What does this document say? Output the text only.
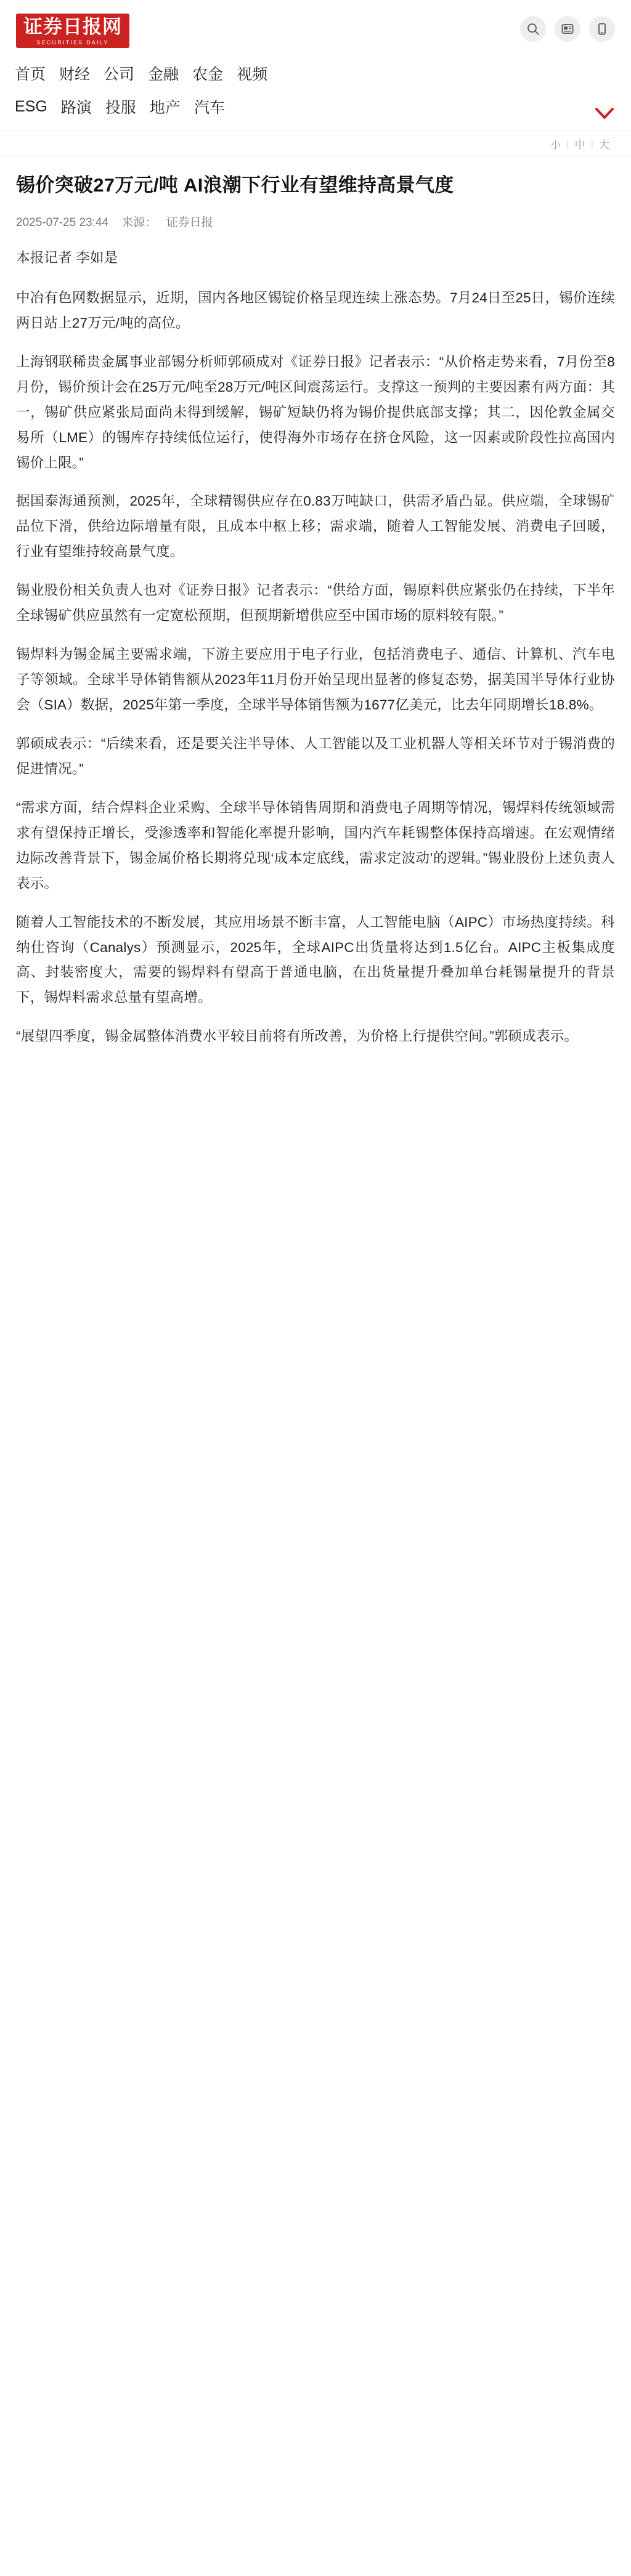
证券日报网
SECURITIES DAILY
首页 财经 公司 金融 农金 视频
ESG 路演 投服 地产 汽车
小 | 中 | 大
锡价突破27万元/吨 AI浪潮下行业有望维持高景气度
2025-07-25 23:44 来源： 证券日报

本报记者 李如是

中冶有色网数据显示，近期，国内各地区锡锭价格呈现连续上涨态势。7月24日至25日，锡价连续两日站上27万元/吨的高位。

上海钢联稀贵金属事业部锡分析师郭硕成对《证券日报》记者表示：“从价格走势来看，7月份至8月份，锡价预计会在25万元/吨至28万元/吨区间震荡运行。支撑这一预判的主要因素有两方面：其一，锡矿供应紧张局面尚未得到缓解，锡矿短缺仍将为锡价提供底部支撑；其二，因伦敦金属交易所（LME）的锡库存持续低位运行，使得海外市场存在挤仓风险，这一因素或阶段性拉高国内锡价上限。”

据国泰海通预测，2025年，全球精锡供应存在0.83万吨缺口，供需矛盾凸显。供应端，全球锡矿品位下滑，供给边际增量有限，且成本中枢上移；需求端，随着人工智能发展、消费电子回暖，行业有望维持较高景气度。

锡业股份相关负责人也对《证券日报》记者表示：“供给方面，锡原料供应紧张仍在持续，下半年全球锡矿供应虽然有一定宽松预期，但预期新增供应至中国市场的原料较有限。”

锡焊料为锡金属主要需求端，下游主要应用于电子行业，包括消费电子、通信、计算机、汽车电子等领域。全球半导体销售额从2023年11月份开始呈现出显著的修复态势，据美国半导体行业协会（SIA）数据，2025年第一季度，全球半导体销售额为1677亿美元，比去年同期增长18.8%。

郭硕成表示：“后续来看，还是要关注半导体、人工智能以及工业机器人等相关环节对于锡消费的促进情况。”

“需求方面，结合焊料企业采购、全球半导体销售周期和消费电子周期等情况，锡焊料传统领域需求有望保持正增长，受渗透率和智能化率提升影响，国内汽车耗锡整体保持高增速。在宏观情绪边际改善背景下，锡金属价格长期将兑现‘成本定底线，需求定波动’的逻辑。”锡业股份上述负责人表示。

随着人工智能技术的不断发展，其应用场景不断丰富，人工智能电脑（AIPC）市场热度持续。科纳仕咨询（Canalys）预测显示，2025年，全球AIPC出货量将达到1.5亿台。AIPC主板集成度高、封装密度大，需要的锡焊料有望高于普通电脑，在出货量提升叠加单台耗锡量提升的背景下，锡焊料需求总量有望高增。

“展望四季度，锡金属整体消费水平较目前将有所改善，为价格上行提供空间。”郭硕成表示。
